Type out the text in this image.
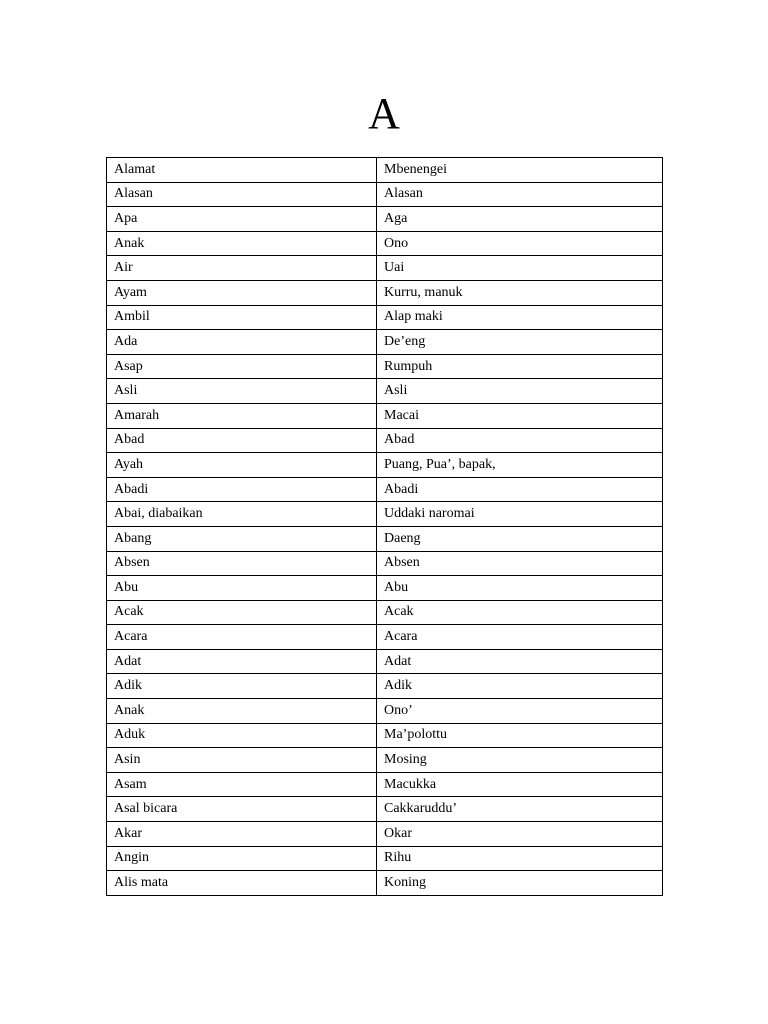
A
Alamat	Mbenengei
Alasan	Alasan
Apa	Aga
Anak	Ono
Air	Uai
Ayam	Kurru, manuk
Ambil	Alap maki
Ada	De’eng
Asap	Rumpuh
Asli	Asli
Amarah	Macai
Abad	Abad
Ayah	Puang, Pua’, bapak,
Abadi	Abadi
Abai, diabaikan	Uddaki naromai
Abang	Daeng
Absen	Absen
Abu	Abu
Acak	Acak
Acara	Acara
Adat	Adat
Adik	Adik
Anak	Ono’
Aduk	Ma’polottu
Asin	Mosing
Asam	Macukka
Asal bicara	Cakkaruddu’
Akar	Okar
Angin	Rihu
Alis mata	Koning
